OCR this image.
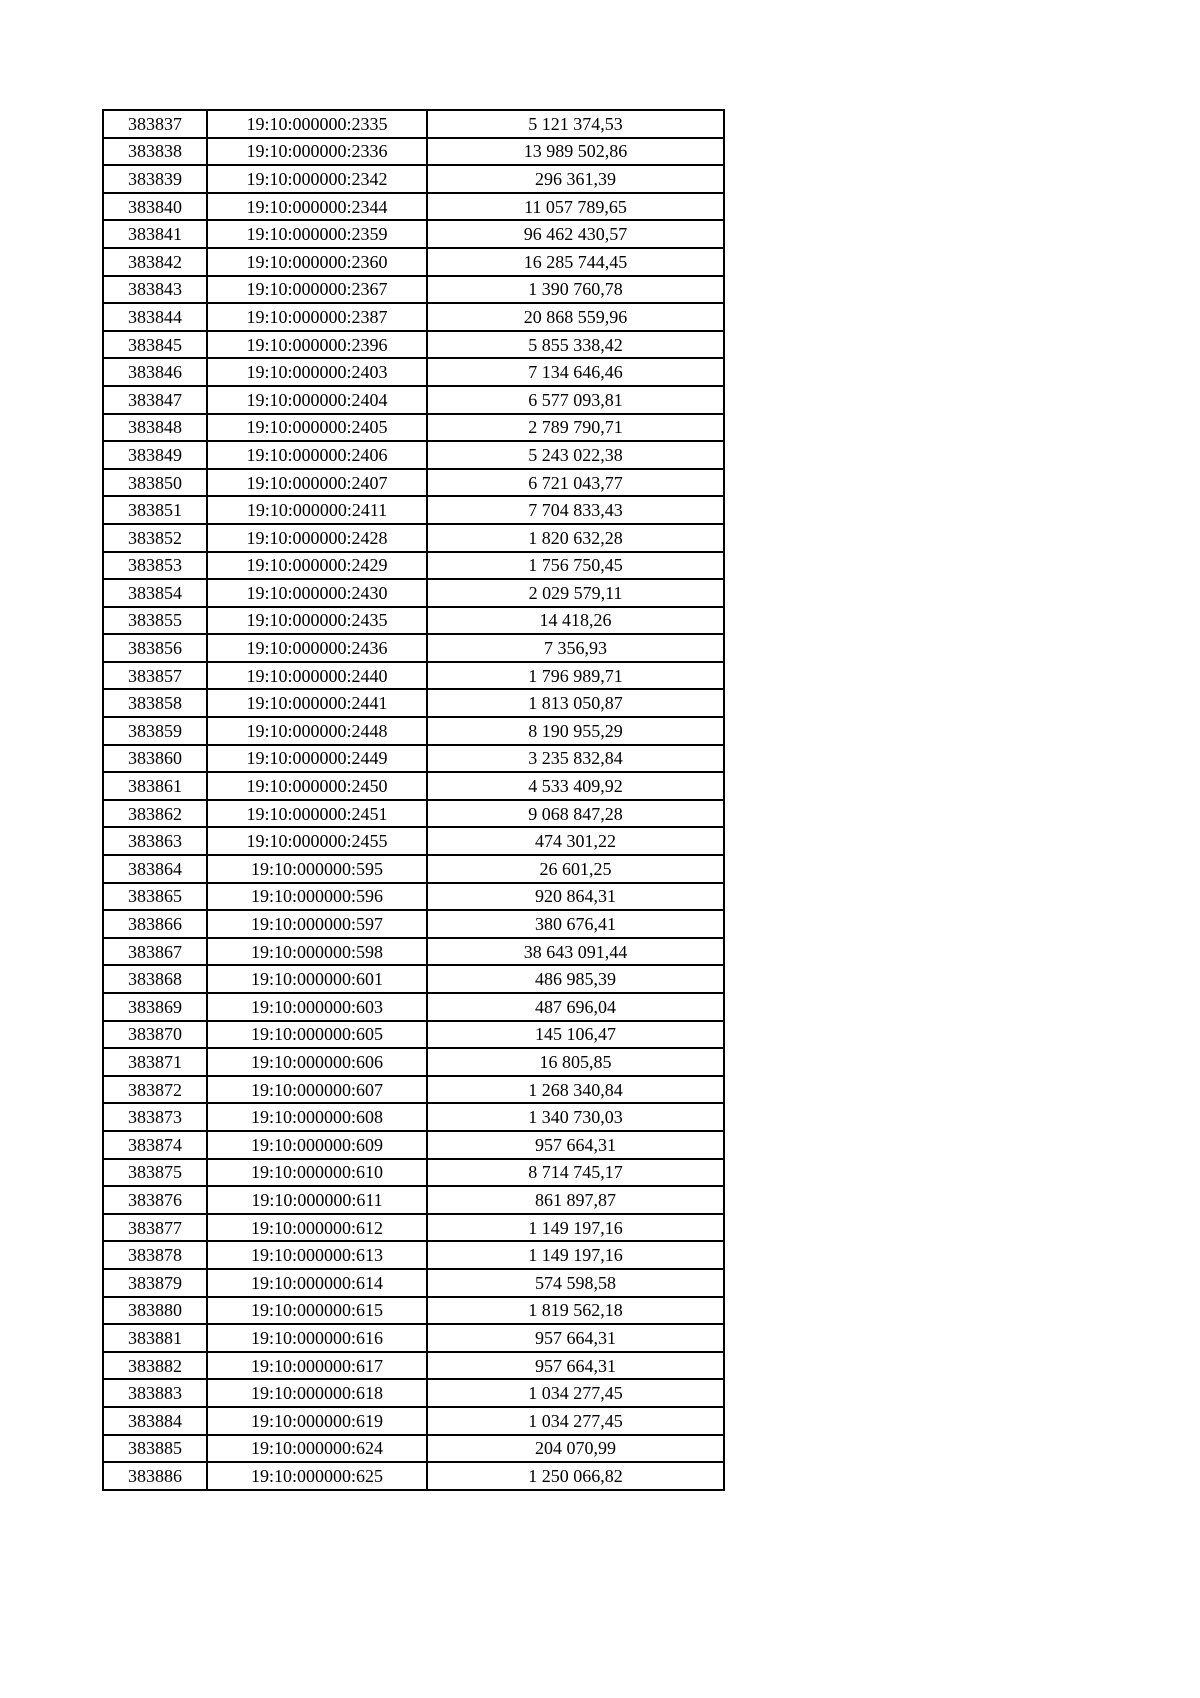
383837	19:10:000000:2335	5 121 374,53
383838	19:10:000000:2336	13 989 502,86
383839	19:10:000000:2342	296 361,39
383840	19:10:000000:2344	11 057 789,65
383841	19:10:000000:2359	96 462 430,57
383842	19:10:000000:2360	16 285 744,45
383843	19:10:000000:2367	1 390 760,78
383844	19:10:000000:2387	20 868 559,96
383845	19:10:000000:2396	5 855 338,42
383846	19:10:000000:2403	7 134 646,46
383847	19:10:000000:2404	6 577 093,81
383848	19:10:000000:2405	2 789 790,71
383849	19:10:000000:2406	5 243 022,38
383850	19:10:000000:2407	6 721 043,77
383851	19:10:000000:2411	7 704 833,43
383852	19:10:000000:2428	1 820 632,28
383853	19:10:000000:2429	1 756 750,45
383854	19:10:000000:2430	2 029 579,11
383855	19:10:000000:2435	14 418,26
383856	19:10:000000:2436	7 356,93
383857	19:10:000000:2440	1 796 989,71
383858	19:10:000000:2441	1 813 050,87
383859	19:10:000000:2448	8 190 955,29
383860	19:10:000000:2449	3 235 832,84
383861	19:10:000000:2450	4 533 409,92
383862	19:10:000000:2451	9 068 847,28
383863	19:10:000000:2455	474 301,22
383864	19:10:000000:595	26 601,25
383865	19:10:000000:596	920 864,31
383866	19:10:000000:597	380 676,41
383867	19:10:000000:598	38 643 091,44
383868	19:10:000000:601	486 985,39
383869	19:10:000000:603	487 696,04
383870	19:10:000000:605	145 106,47
383871	19:10:000000:606	16 805,85
383872	19:10:000000:607	1 268 340,84
383873	19:10:000000:608	1 340 730,03
383874	19:10:000000:609	957 664,31
383875	19:10:000000:610	8 714 745,17
383876	19:10:000000:611	861 897,87
383877	19:10:000000:612	1 149 197,16
383878	19:10:000000:613	1 149 197,16
383879	19:10:000000:614	574 598,58
383880	19:10:000000:615	1 819 562,18
383881	19:10:000000:616	957 664,31
383882	19:10:000000:617	957 664,31
383883	19:10:000000:618	1 034 277,45
383884	19:10:000000:619	1 034 277,45
383885	19:10:000000:624	204 070,99
383886	19:10:000000:625	1 250 066,82
